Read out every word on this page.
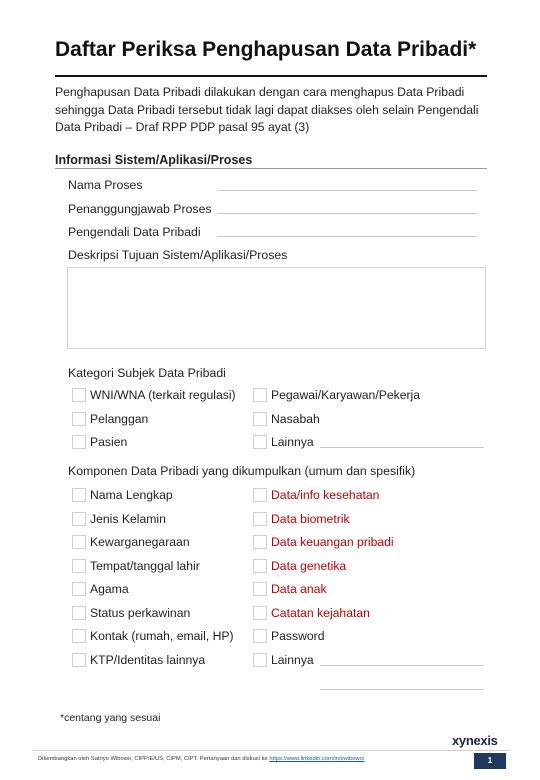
Daftar Periksa Penghapusan Data Pribadi*
Penghapusan Data Pribadi dilakukan dengan cara menghapus Data Pribadi sehingga Data Pribadi tersebut tidak lagi dapat diakses oleh selain Pengendali Data Pribadi – Draf RPP PDP pasal 95 ayat (3)
Informasi Sistem/Aplikasi/Proses
Nama Proses
Penanggungjawab Proses
Pengendali Data Pribadi
Deskripsi Tujuan Sistem/Aplikasi/Proses
Kategori Subjek Data Pribadi
WNI/WNA (terkait regulasi)
Pelanggan
Pasien
Pegawai/Karyawan/Pekerja
Nasabah
Lainnya
Komponen Data Pribadi yang dikumpulkan (umum dan spesifik)
Nama Lengkap
Jenis Kelamin
Kewarganegaraan
Tempat/tanggal lahir
Agama
Status perkawinan
Kontak (rumah, email, HP)
KTP/Identitas lainnya
Data/info kesehatan
Data biometrik
Data keuangan pribadi
Data genetika
Data anak
Catatan kejahatan
Password
Lainnya
*centang yang sesuai
xynexis
Dikembangkan oleh Satriyo Wibowo, CIPP/E/US, CIPM, CIPT. Pertanyaan dan diskusi ke https://www.linkedin.com/in/swibowo/	1
